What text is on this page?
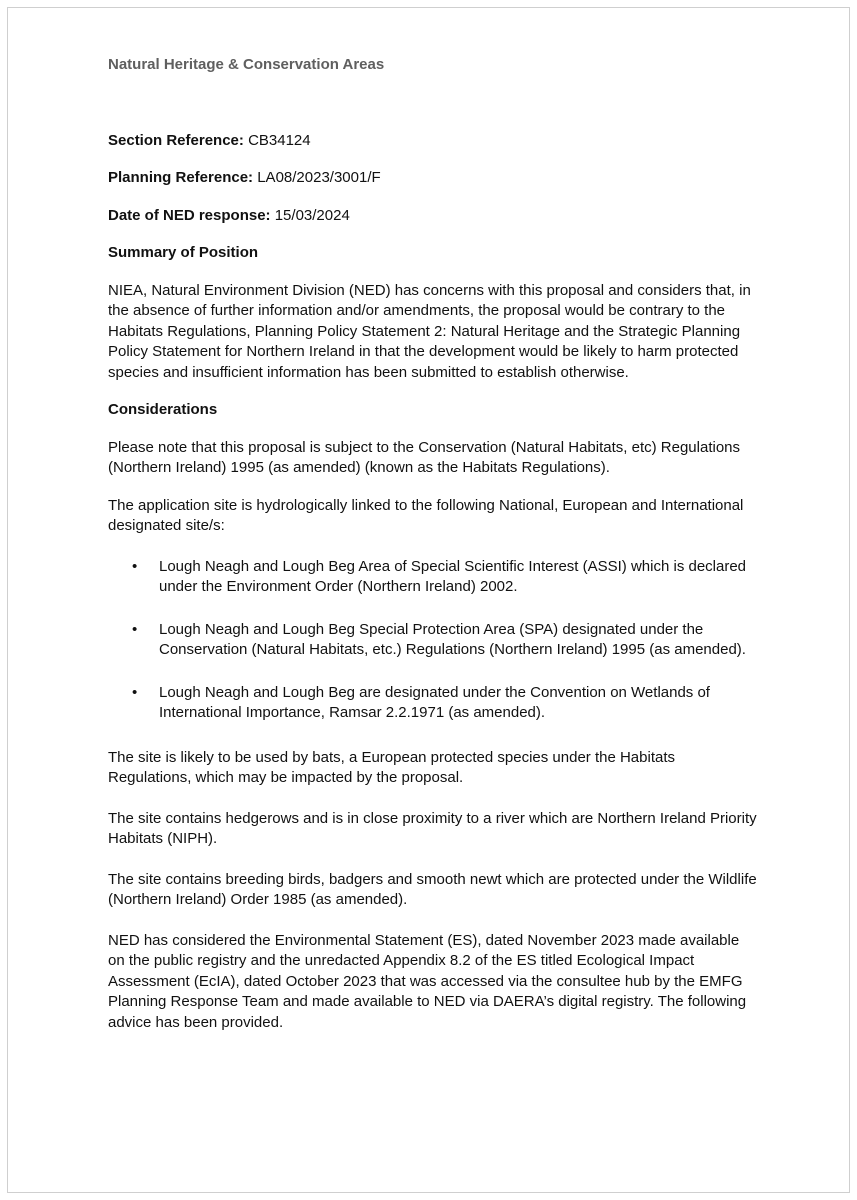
Natural Heritage & Conservation Areas
Section Reference: CB34124
Planning Reference: LA08/2023/3001/F
Date of NED response: 15/03/2024
Summary of Position

NIEA, Natural Environment Division (NED) has concerns with this proposal and considers that, in the absence of further information and/or amendments, the proposal would be contrary to the Habitats Regulations, Planning Policy Statement 2: Natural Heritage and the Strategic Planning Policy Statement for Northern Ireland in that the development would be likely to harm protected species and insufficient information has been submitted to establish otherwise.

Considerations

Please note that this proposal is subject to the Conservation (Natural Habitats, etc) Regulations (Northern Ireland) 1995 (as amended) (known as the Habitats Regulations).

The application site is hydrologically linked to the following National, European and International designated site/s:

• Lough Neagh and Lough Beg Area of Special Scientific Interest (ASSI) which is declared under the Environment Order (Northern Ireland) 2002.
• Lough Neagh and Lough Beg Special Protection Area (SPA) designated under the Conservation (Natural Habitats, etc.) Regulations (Northern Ireland) 1995 (as amended).
• Lough Neagh and Lough Beg are designated under the Convention on Wetlands of International Importance, Ramsar 2.2.1971 (as amended).

The site is likely to be used by bats, a European protected species under the Habitats Regulations, which may be impacted by the proposal.

The site contains hedgerows and is in close proximity to a river which are Northern Ireland Priority Habitats (NIPH).

The site contains breeding birds, badgers and smooth newt which are protected under the Wildlife (Northern Ireland) Order 1985 (as amended).

NED has considered the Environmental Statement (ES), dated November 2023 made available on the public registry and the unredacted Appendix 8.2 of the ES titled Ecological Impact Assessment (EcIA), dated October 2023 that was accessed via the consultee hub by the EMFG Planning Response Team and made available to NED via DAERA’s digital registry. The following advice has been provided.
